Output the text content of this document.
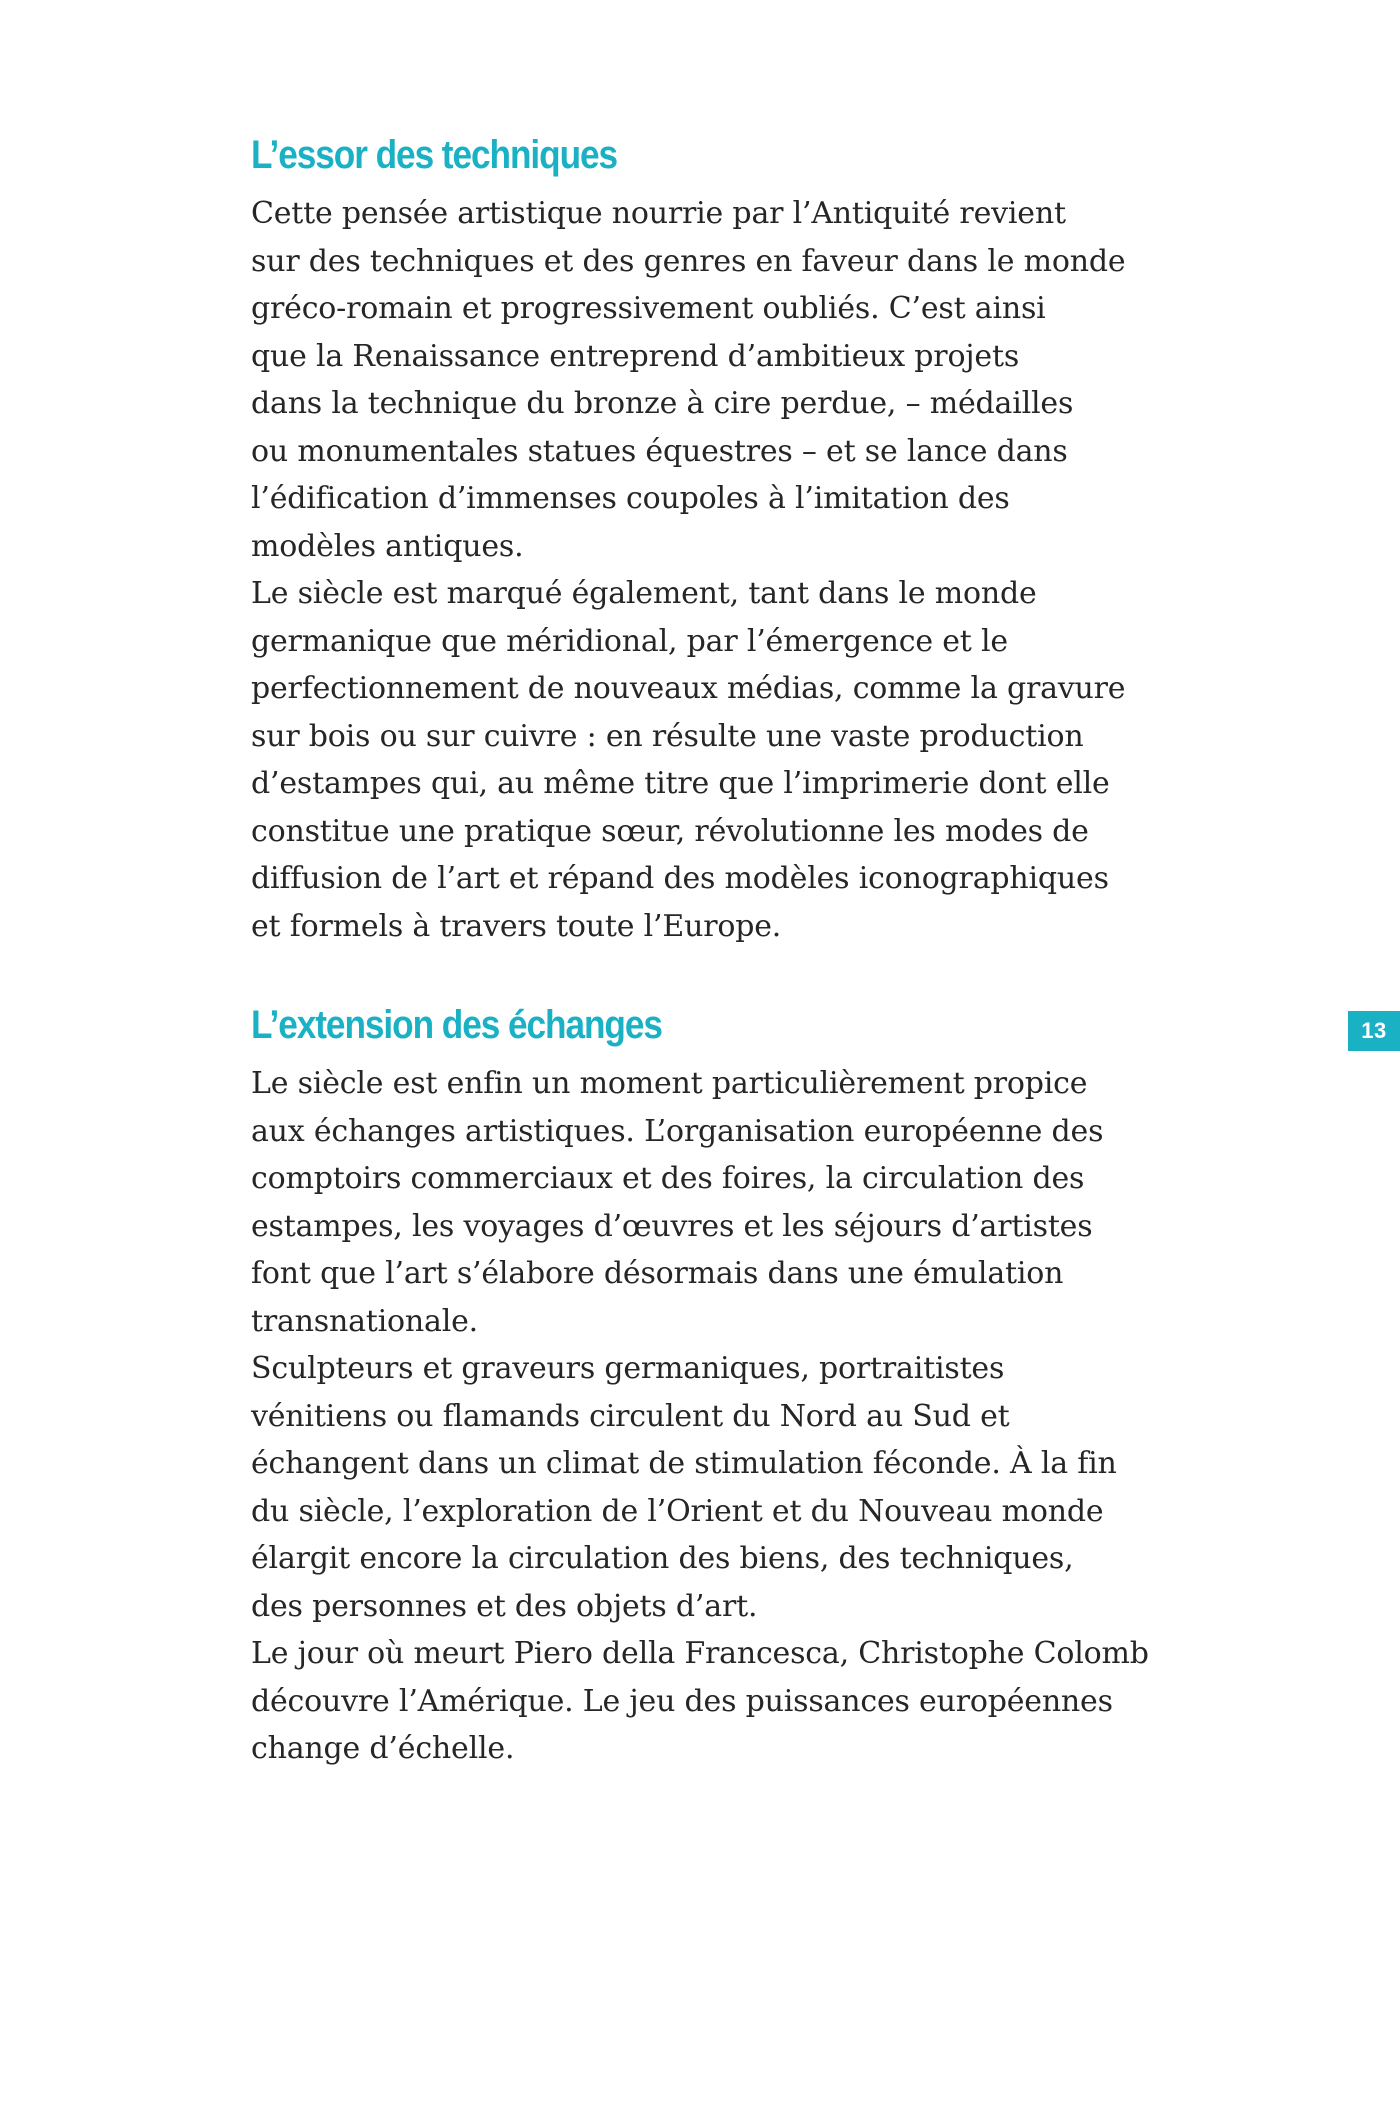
L’essor des techniques
Cette pensée artistique nourrie par l’Antiquité revient
sur des techniques et des genres en faveur dans le monde
gréco-romain et progressivement oubliés. C’est ainsi
que la Renaissance entreprend d’ambitieux projets
dans la technique du bronze à cire perdue, – médailles
ou monumentales statues équestres – et se lance dans
l’édification d’immenses coupoles à l’imitation des
modèles antiques.
Le siècle est marqué également, tant dans le monde
germanique que méridional, par l’émergence et le
perfectionnement de nouveaux médias, comme la gravure
sur bois ou sur cuivre : en résulte une vaste production
d’estampes qui, au même titre que l’imprimerie dont elle
constitue une pratique sœur, révolutionne les modes de
diffusion de l’art et répand des modèles iconographiques
et formels à travers toute l’Europe.
L’extension des échanges
Le siècle est enfin un moment particulièrement propice
aux échanges artistiques. L’organisation européenne des
comptoirs commerciaux et des foires, la circulation des
estampes, les voyages d’œuvres et les séjours d’artistes
font que l’art s’élabore désormais dans une émulation
transnationale.
Sculpteurs et graveurs germaniques, portraitistes
vénitiens ou flamands circulent du Nord au Sud et
échangent dans un climat de stimulation féconde. À la fin
du siècle, l’exploration de l’Orient et du Nouveau monde
élargit encore la circulation des biens, des techniques,
des personnes et des objets d’art.
Le jour où meurt Piero della Francesca, Christophe Colomb
découvre l’Amérique. Le jeu des puissances européennes
change d’échelle.
13
